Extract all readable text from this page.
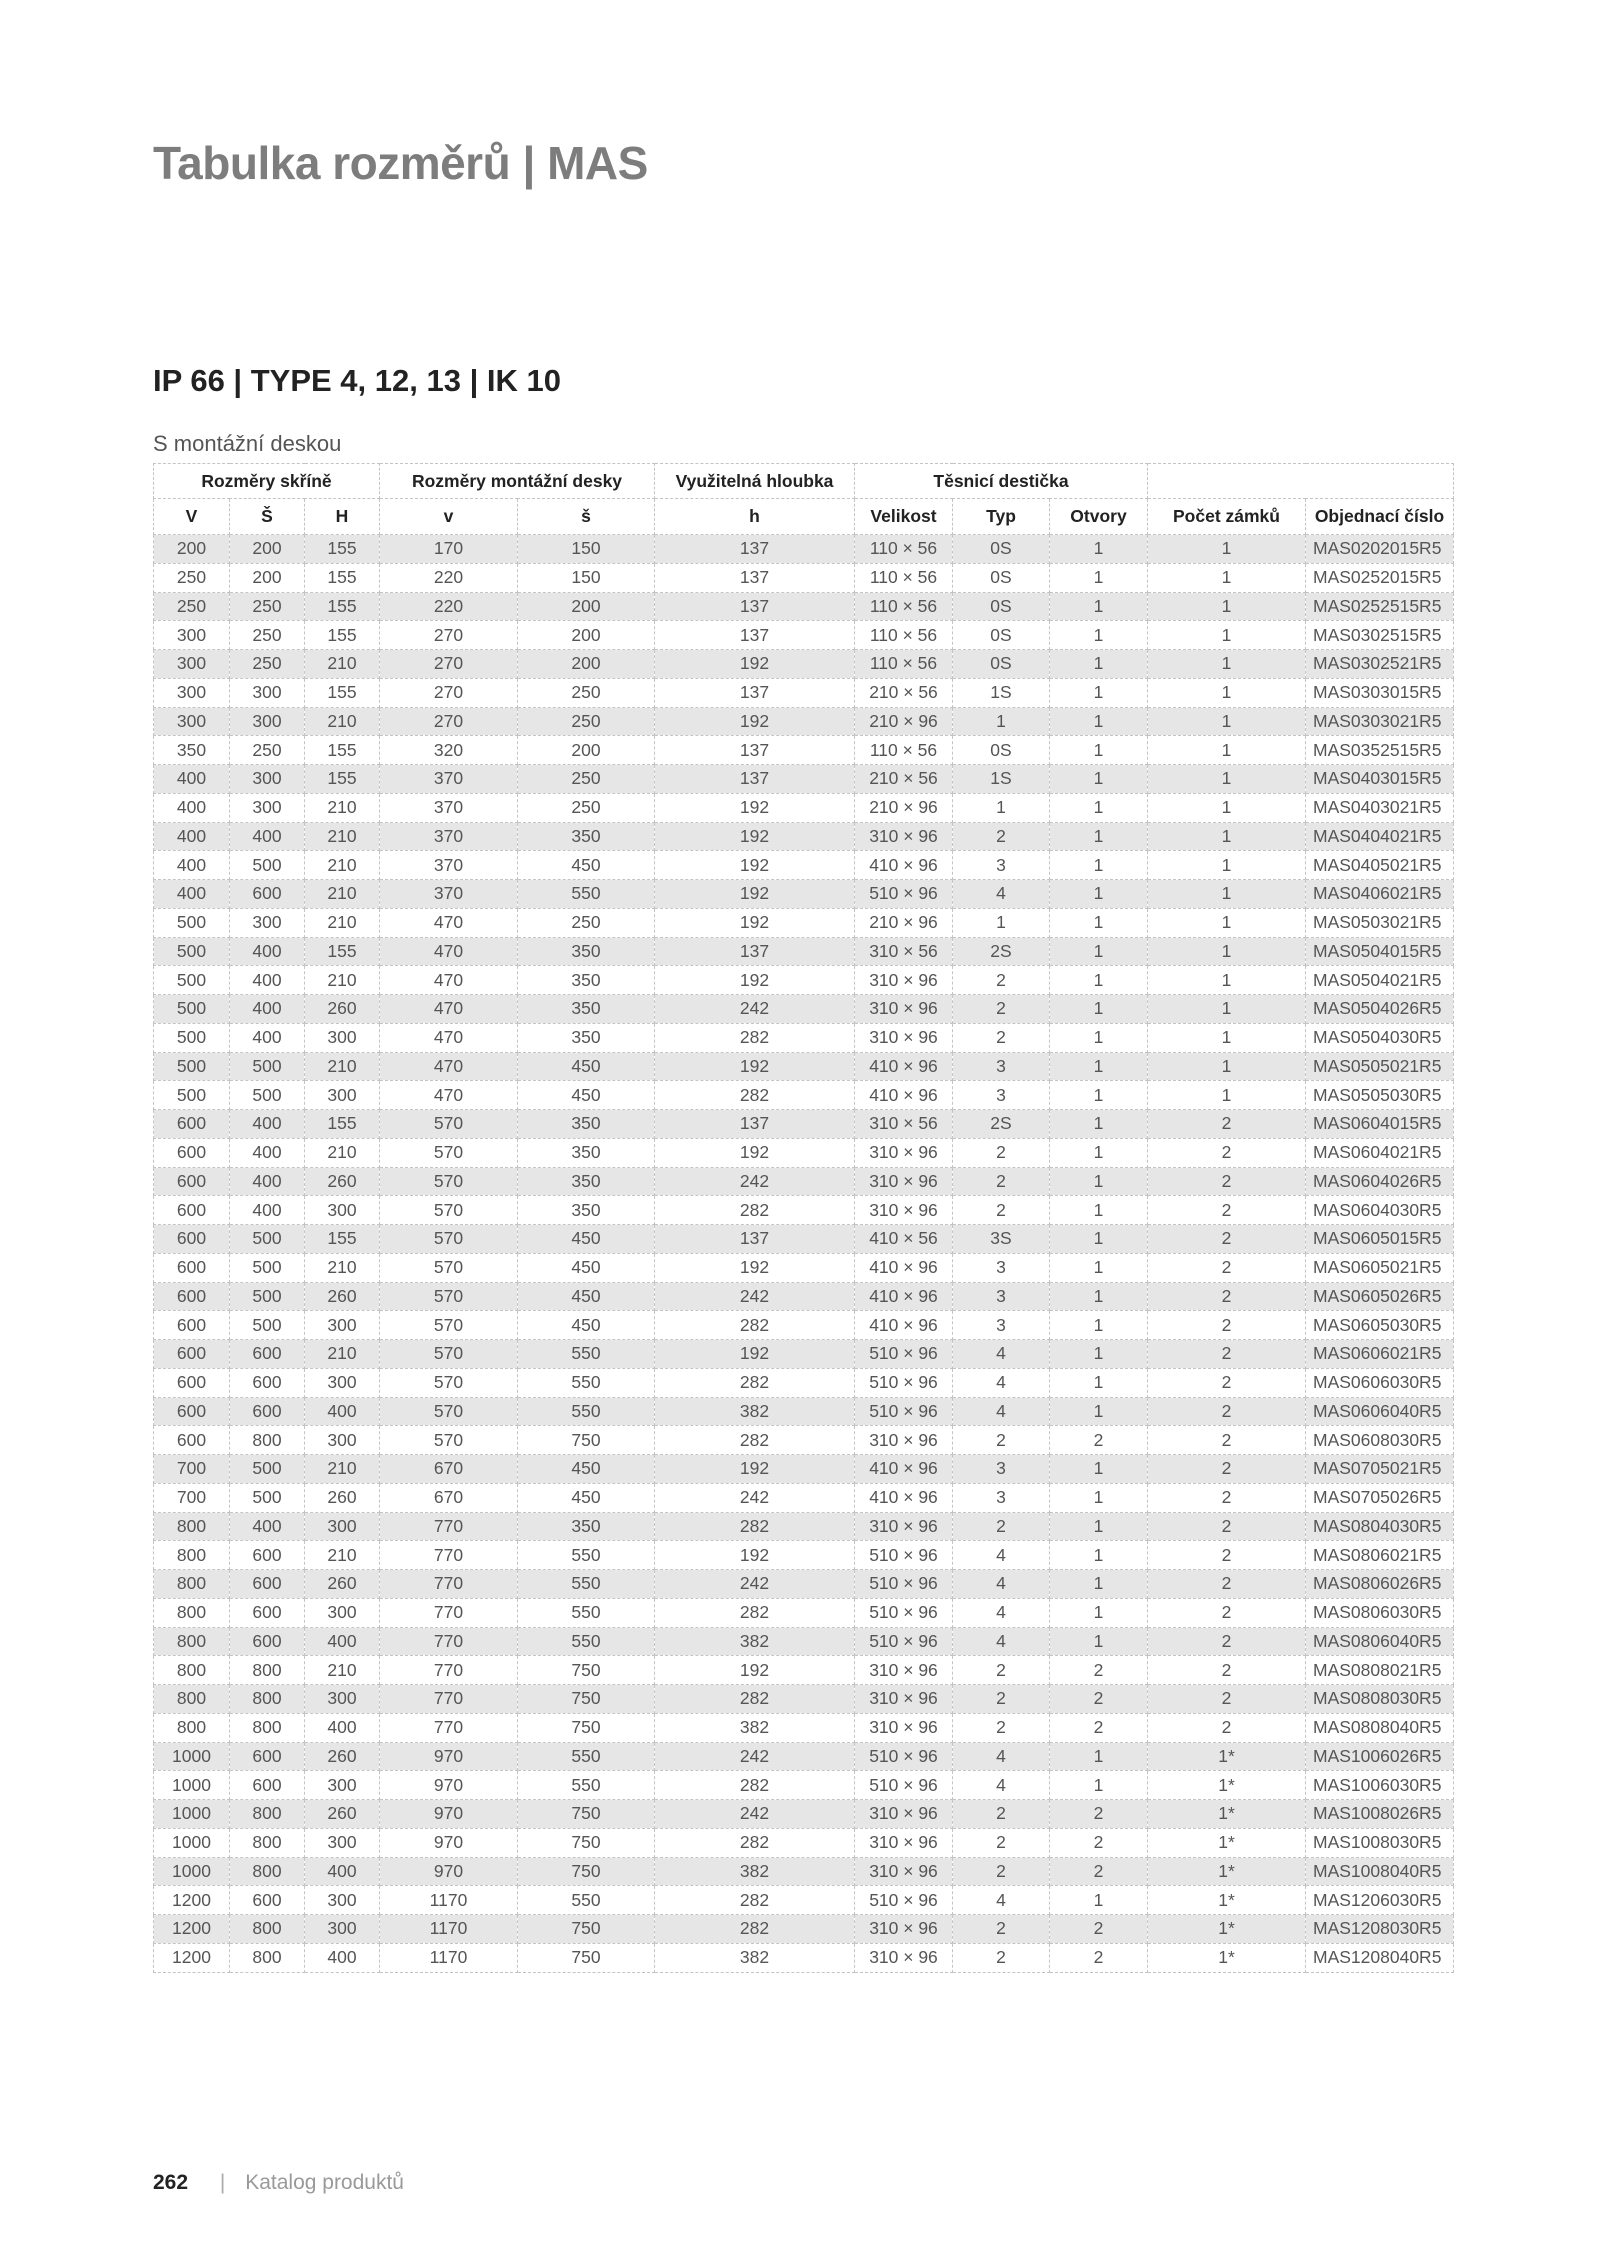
Tabulka rozměrů | MAS
IP 66 | TYPE 4, 12, 13 | IK 10
S montážní deskou
Rozměry skříně			Rozměry montážní desky		Využitelná hloubka	Těsnicí destička				
V	Š	H	v	š	h	Velikost	Typ	Otvory	Počet zámků	Objednací číslo
200	200	155	170	150	137	110 × 56	0S	1	1	MAS0202015R5
250	200	155	220	150	137	110 × 56	0S	1	1	MAS0252015R5
250	250	155	220	200	137	110 × 56	0S	1	1	MAS0252515R5
300	250	155	270	200	137	110 × 56	0S	1	1	MAS0302515R5
300	250	210	270	200	192	110 × 56	0S	1	1	MAS0302521R5
300	300	155	270	250	137	210 × 56	1S	1	1	MAS0303015R5
300	300	210	270	250	192	210 × 96	1	1	1	MAS0303021R5
350	250	155	320	200	137	110 × 56	0S	1	1	MAS0352515R5
400	300	155	370	250	137	210 × 56	1S	1	1	MAS0403015R5
400	300	210	370	250	192	210 × 96	1	1	1	MAS0403021R5
400	400	210	370	350	192	310 × 96	2	1	1	MAS0404021R5
400	500	210	370	450	192	410 × 96	3	1	1	MAS0405021R5
400	600	210	370	550	192	510 × 96	4	1	1	MAS0406021R5
500	300	210	470	250	192	210 × 96	1	1	1	MAS0503021R5
500	400	155	470	350	137	310 × 56	2S	1	1	MAS0504015R5
500	400	210	470	350	192	310 × 96	2	1	1	MAS0504021R5
500	400	260	470	350	242	310 × 96	2	1	1	MAS0504026R5
500	400	300	470	350	282	310 × 96	2	1	1	MAS0504030R5
500	500	210	470	450	192	410 × 96	3	1	1	MAS0505021R5
500	500	300	470	450	282	410 × 96	3	1	1	MAS0505030R5
600	400	155	570	350	137	310 × 56	2S	1	2	MAS0604015R5
600	400	210	570	350	192	310 × 96	2	1	2	MAS0604021R5
600	400	260	570	350	242	310 × 96	2	1	2	MAS0604026R5
600	400	300	570	350	282	310 × 96	2	1	2	MAS0604030R5
600	500	155	570	450	137	410 × 56	3S	1	2	MAS0605015R5
600	500	210	570	450	192	410 × 96	3	1	2	MAS0605021R5
600	500	260	570	450	242	410 × 96	3	1	2	MAS0605026R5
600	500	300	570	450	282	410 × 96	3	1	2	MAS0605030R5
600	600	210	570	550	192	510 × 96	4	1	2	MAS0606021R5
600	600	300	570	550	282	510 × 96	4	1	2	MAS0606030R5
600	600	400	570	550	382	510 × 96	4	1	2	MAS0606040R5
600	800	300	570	750	282	310 × 96	2	2	2	MAS0608030R5
700	500	210	670	450	192	410 × 96	3	1	2	MAS0705021R5
700	500	260	670	450	242	410 × 96	3	1	2	MAS0705026R5
800	400	300	770	350	282	310 × 96	2	1	2	MAS0804030R5
800	600	210	770	550	192	510 × 96	4	1	2	MAS0806021R5
800	600	260	770	550	242	510 × 96	4	1	2	MAS0806026R5
800	600	300	770	550	282	510 × 96	4	1	2	MAS0806030R5
800	600	400	770	550	382	510 × 96	4	1	2	MAS0806040R5
800	800	210	770	750	192	310 × 96	2	2	2	MAS0808021R5
800	800	300	770	750	282	310 × 96	2	2	2	MAS0808030R5
800	800	400	770	750	382	310 × 96	2	2	2	MAS0808040R5
1000	600	260	970	550	242	510 × 96	4	1	1*	MAS1006026R5
1000	600	300	970	550	282	510 × 96	4	1	1*	MAS1006030R5
1000	800	260	970	750	242	310 × 96	2	2	1*	MAS1008026R5
1000	800	300	970	750	282	310 × 96	2	2	1*	MAS1008030R5
1000	800	400	970	750	382	310 × 96	2	2	1*	MAS1008040R5
1200	600	300	1170	550	282	510 × 96	4	1	1*	MAS1206030R5
1200	800	300	1170	750	282	310 × 96	2	2	1*	MAS1208030R5
1200	800	400	1170	750	382	310 × 96	2	2	1*	MAS1208040R5
262 | Katalog produktů
